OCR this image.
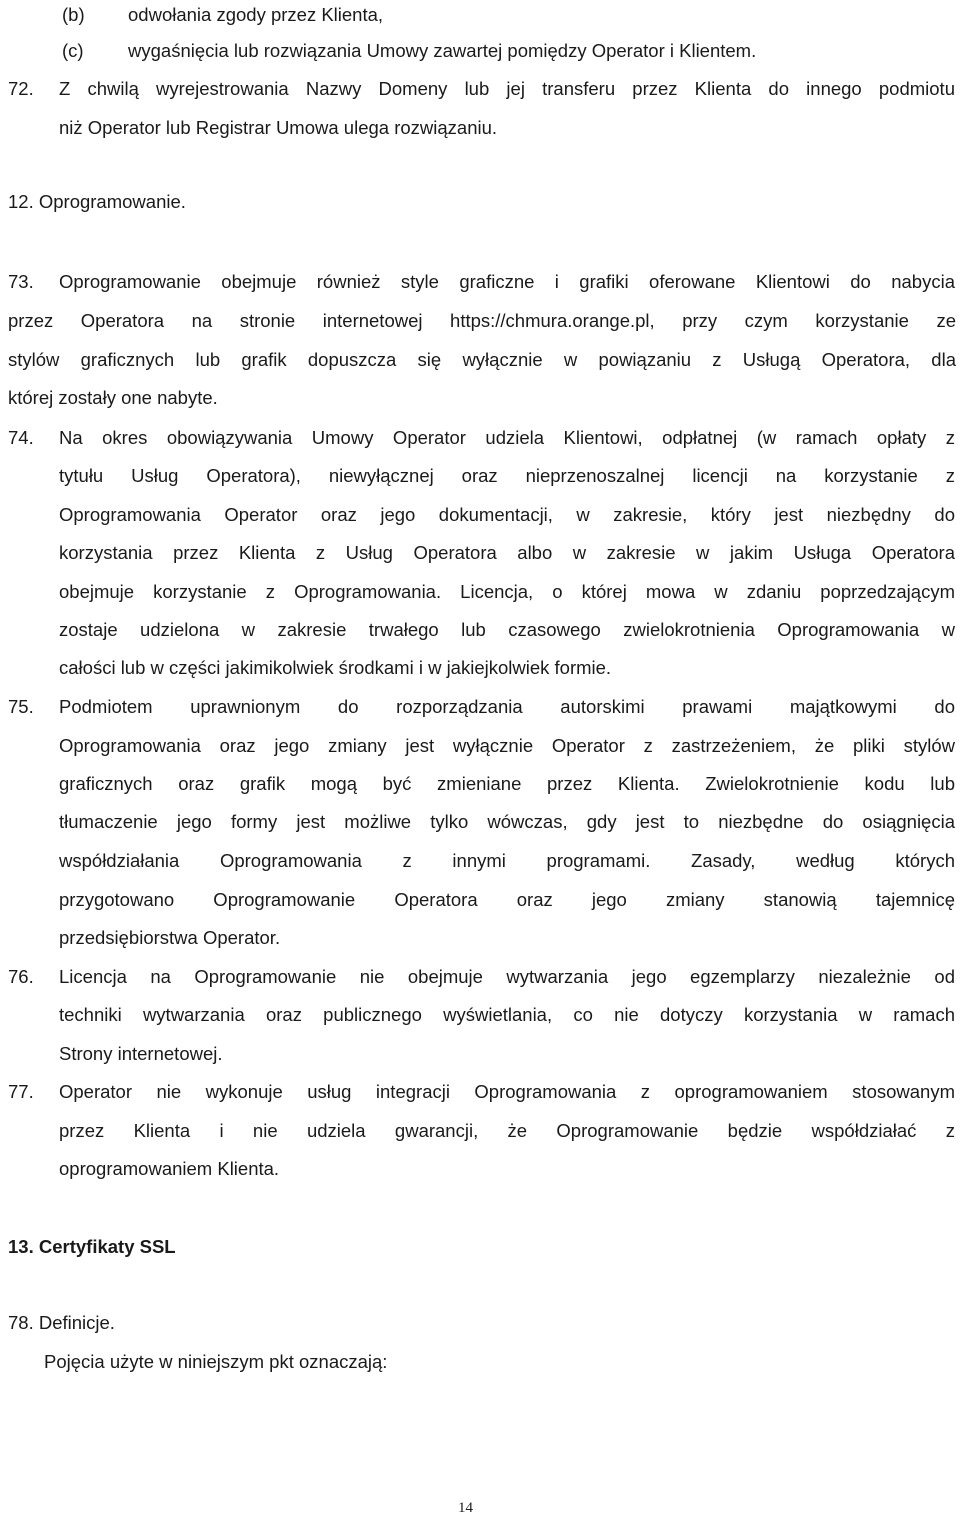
(b) odwołania zgody przez Klienta,
(c) wygaśnięcia lub rozwiązania Umowy zawartej pomiędzy Operator i Klientem.
72. Z chwilą wyrejestrowania Nazwy Domeny lub jej transferu przez Klienta do innego podmiotu
niż Operator lub Registrar Umowa ulega rozwiązaniu.
12. Oprogramowanie.
73. Oprogramowanie obejmuje również style graficzne i grafiki oferowane Klientowi do nabycia
przez Operatora na stronie internetowej https://chmura.orange.pl, przy czym korzystanie ze
stylów graficznych lub grafik dopuszcza się wyłącznie w powiązaniu z Usługą Operatora, dla
której zostały one nabyte.
74. Na okres obowiązywania Umowy Operator udziela Klientowi, odpłatnej (w ramach opłaty z
tytułu Usług Operatora), niewyłącznej oraz nieprzenoszalnej licencji na korzystanie z
Oprogramowania Operator oraz jego dokumentacji, w zakresie, który jest niezbędny do
korzystania przez Klienta z Usług Operatora albo w zakresie w jakim Usługa Operatora
obejmuje korzystanie z Oprogramowania. Licencja, o której mowa w zdaniu poprzedzającym
zostaje udzielona w zakresie trwałego lub czasowego zwielokrotnienia Oprogramowania w
całości lub w części jakimikolwiek środkami i w jakiejkolwiek formie.
75. Podmiotem uprawnionym do rozporządzania autorskimi prawami majątkowymi do
Oprogramowania oraz jego zmiany jest wyłącznie Operator z zastrzeżeniem, że pliki stylów
graficznych oraz grafik mogą być zmieniane przez Klienta. Zwielokrotnienie kodu lub
tłumaczenie jego formy jest możliwe tylko wówczas, gdy jest to niezbędne do osiągnięcia
współdziałania Oprogramowania z innymi programami. Zasady, według których
przygotowano Oprogramowanie Operatora oraz jego zmiany stanowią tajemnicę
przedsiębiorstwa Operator.
76. Licencja na Oprogramowanie nie obejmuje wytwarzania jego egzemplarzy niezależnie od
techniki wytwarzania oraz publicznego wyświetlania, co nie dotyczy korzystania w ramach
Strony internetowej.
77. Operator nie wykonuje usług integracji Oprogramowania z oprogramowaniem stosowanym
przez Klienta i nie udziela gwarancji, że Oprogramowanie będzie współdziałać z
oprogramowaniem Klienta.
13. Certyfikaty SSL
78. Definicje.
Pojęcia użyte w niniejszym pkt oznaczają:
14
